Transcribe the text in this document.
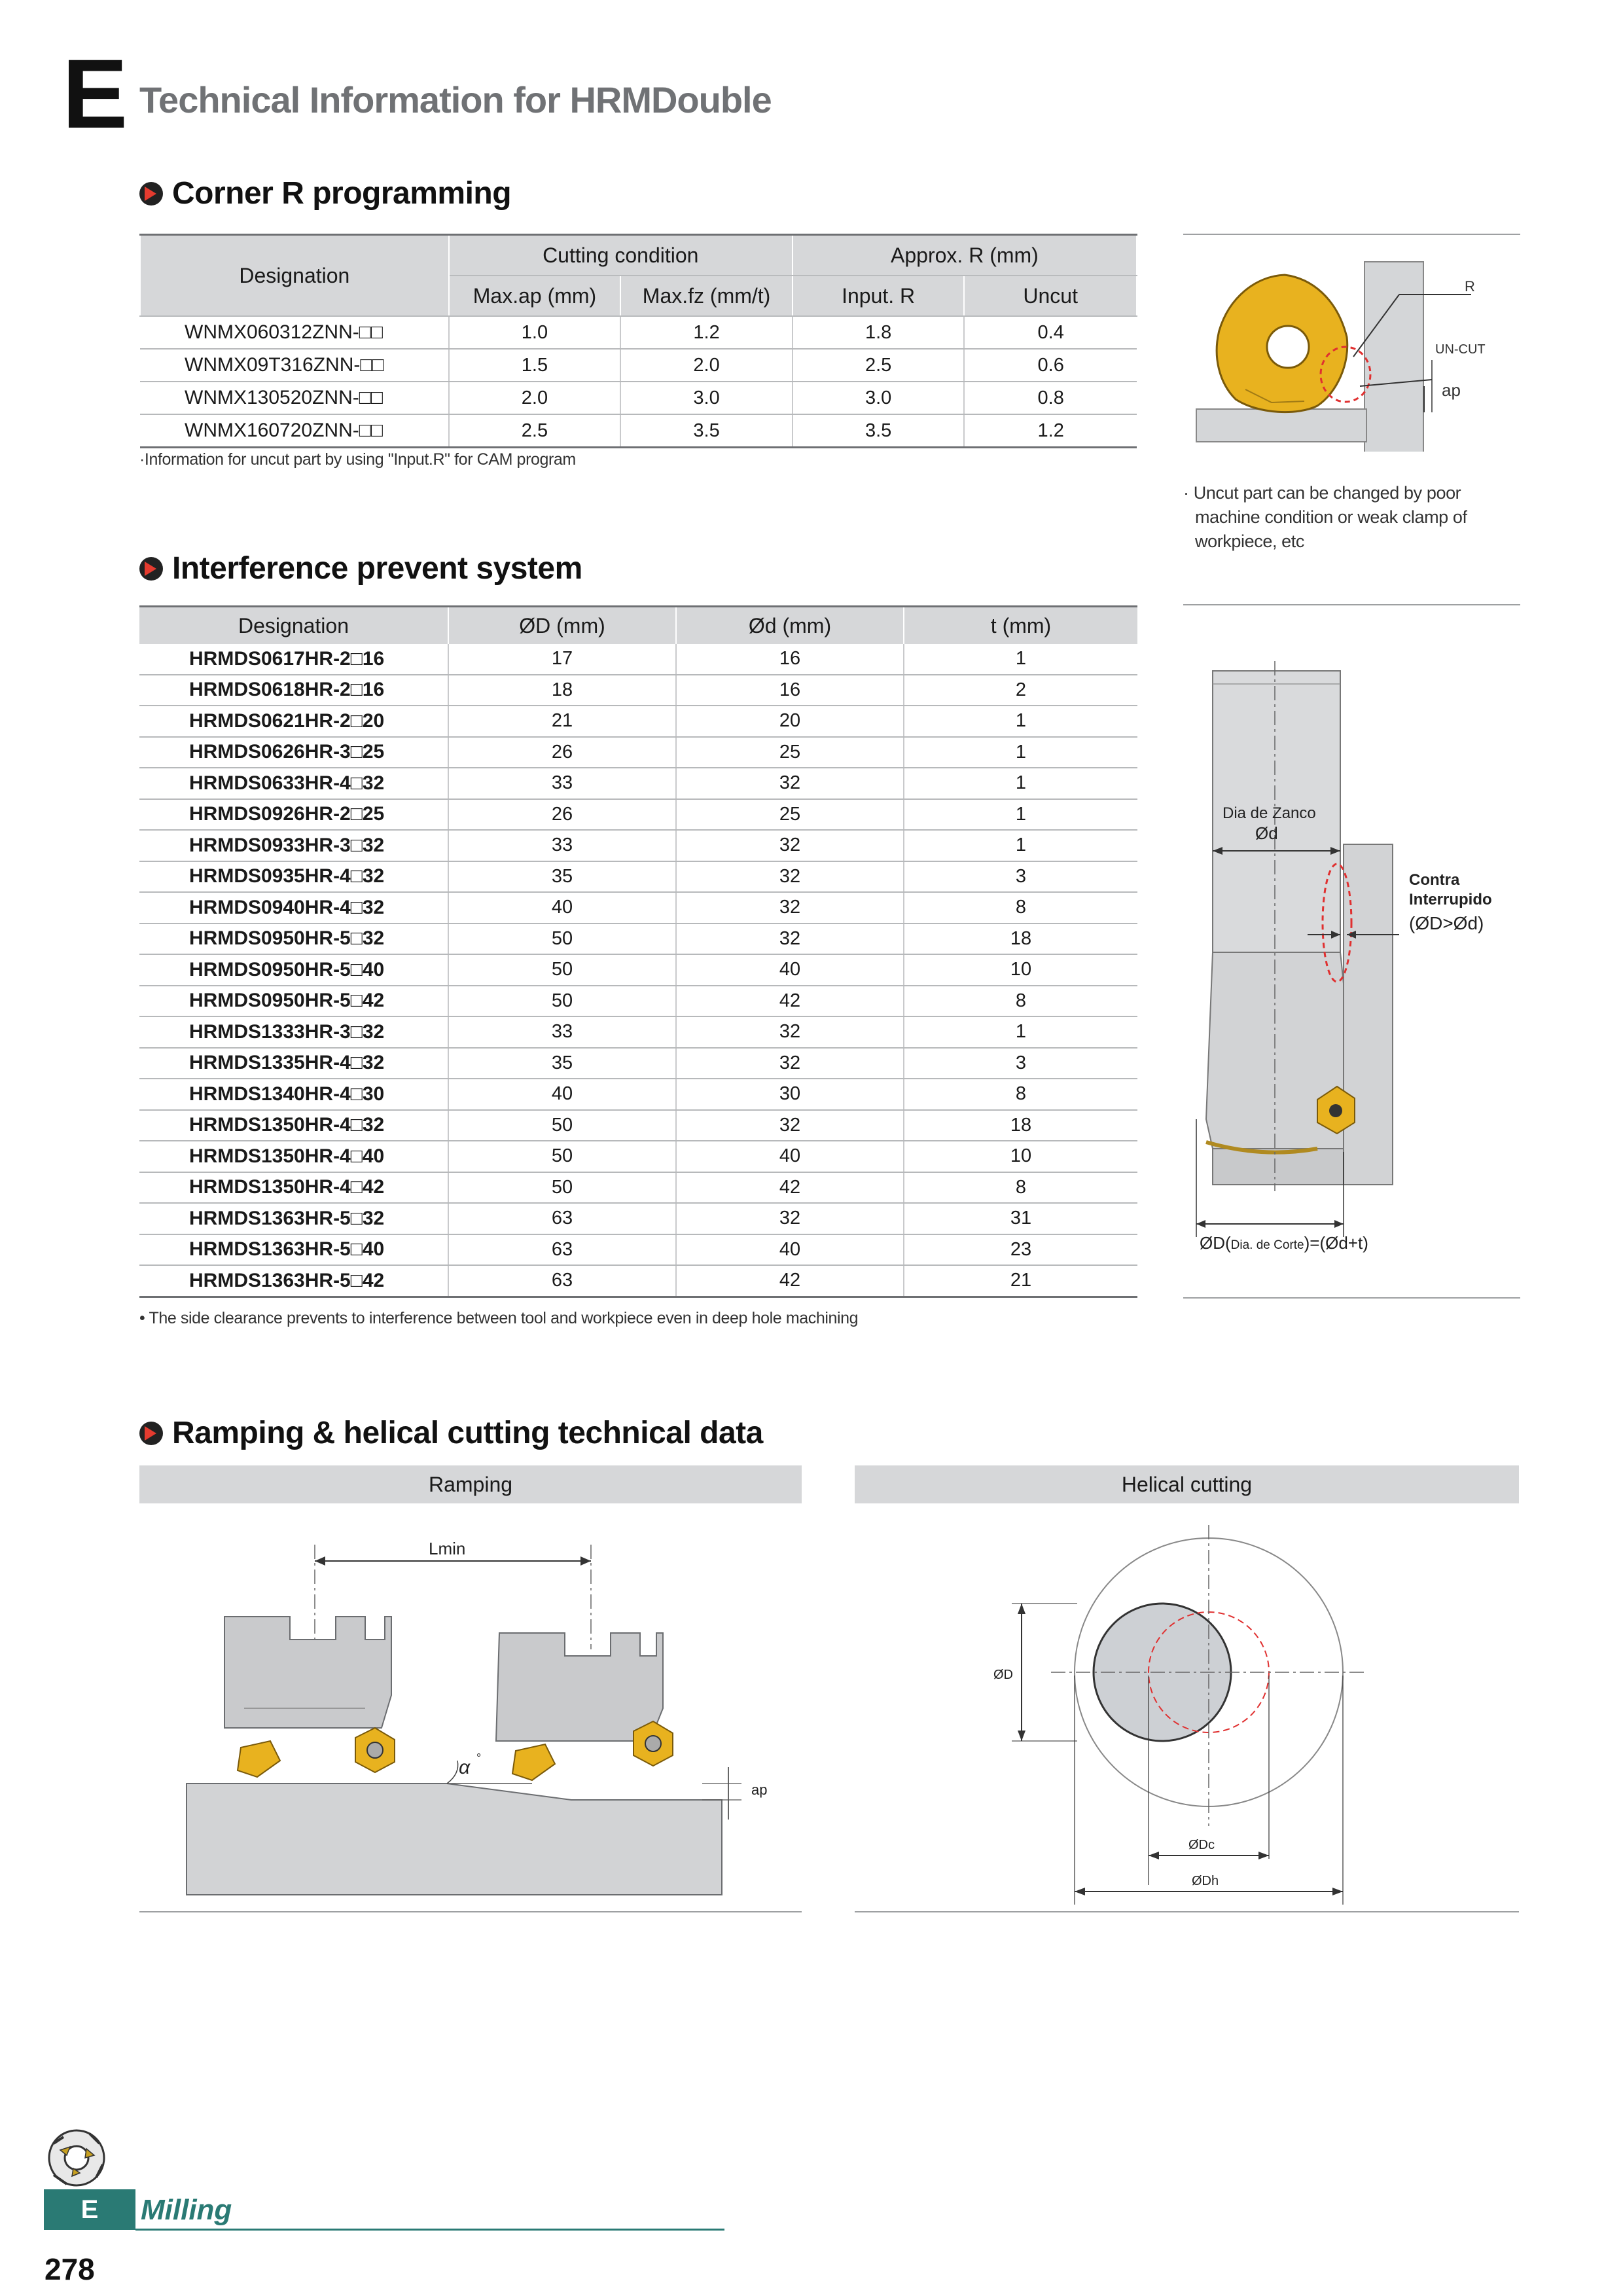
E Technical Information for HRMDouble
Corner R programming
Designation	Cutting condition		Approx. R (mm)	
	Max.ap (mm)	Max.fz (mm/t)	Input. R	Uncut
WNMX060312ZNN-□□	1.0	1.2	1.8	0.4
WNMX09T316ZNN-□□	1.5	2.0	2.5	0.6
WNMX130520ZNN-□□	2.0	3.0	3.0	0.8
WNMX160720ZNN-□□	2.5	3.5	3.5	1.2
·Information for uncut part by using "Input.R" for CAM program
R
UN-CUT
ap
· Uncut part can be changed by poor
machine condition or weak clamp of
workpiece, etc
Interference prevent system
Designation	ØD (mm)	Ød (mm)	t (mm)
HRMDS0617HR-2□16	17	16	1
HRMDS0618HR-2□16	18	16	2
HRMDS0621HR-2□20	21	20	1
HRMDS0626HR-3□25	26	25	1
HRMDS0633HR-4□32	33	32	1
HRMDS0926HR-2□25	26	25	1
HRMDS0933HR-3□32	33	32	1
HRMDS0935HR-4□32	35	32	3
HRMDS0940HR-4□32	40	32	8
HRMDS0950HR-5□32	50	32	18
HRMDS0950HR-5□40	50	40	10
HRMDS0950HR-5□42	50	42	8
HRMDS1333HR-3□32	33	32	1
HRMDS1335HR-4□32	35	32	3
HRMDS1340HR-4□30	40	30	8
HRMDS1350HR-4□32	50	32	18
HRMDS1350HR-4□40	50	40	10
HRMDS1350HR-4□42	50	42	8
HRMDS1363HR-5□32	63	32	31
HRMDS1363HR-5□40	63	40	23
HRMDS1363HR-5□42	63	42	21
• The side clearance prevents to interference between tool and workpiece even in deep hole machining
Dia de Zanco
Ød
Contra
Interrupido
(ØD>Ød)
ØD(Dia. de Corte)=(Ød+t)
Ramping & helical cutting technical data
Ramping	Helical cutting
Lmin
α °
ap
ØD
ØDc
ØDh
E	Milling
278
